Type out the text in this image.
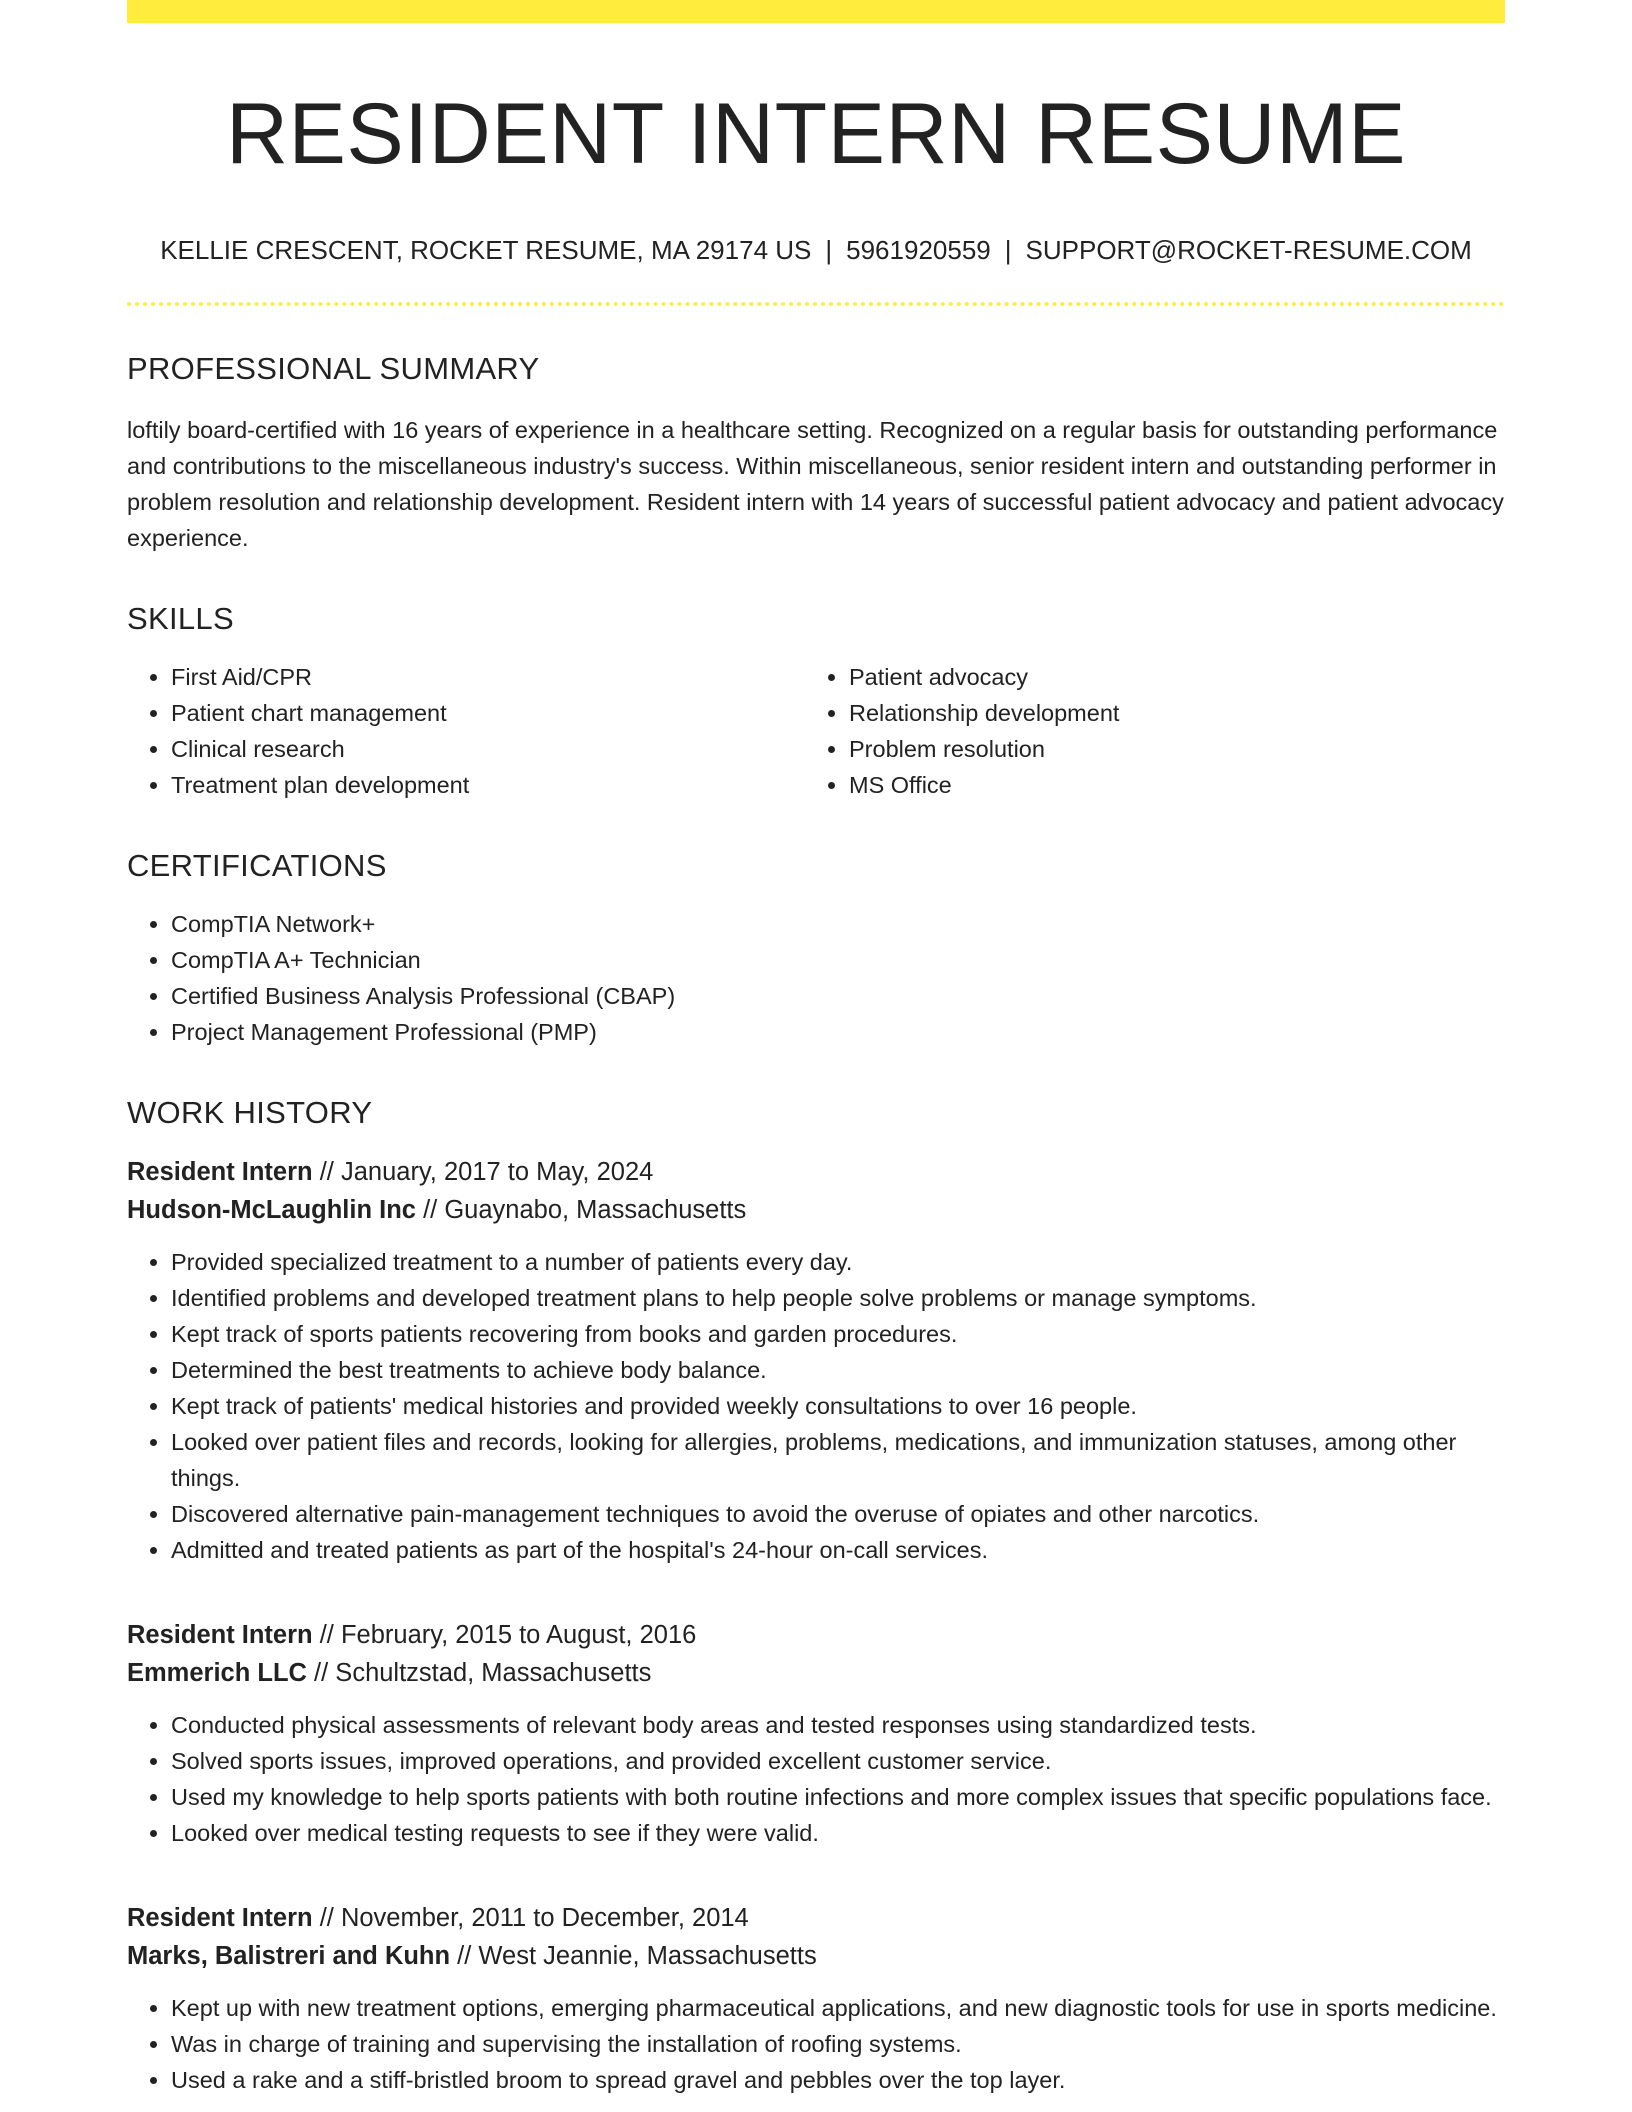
RESIDENT INTERN RESUME
KELLIE CRESCENT, ROCKET RESUME, MA 29174 US | 5961920559 | SUPPORT@ROCKET-RESUME.COM
PROFESSIONAL SUMMARY

loftily board-certified with 16 years of experience in a healthcare setting. Recognized on a regular basis for outstanding performance and contributions to the miscellaneous industry's success. Within miscellaneous, senior resident intern and outstanding performer in problem resolution and relationship development. Resident intern with 14 years of successful patient advocacy and patient advocacy experience.

SKILLS
• First Aid/CPR
• Patient chart management
• Clinical research
• Treatment plan development
• Patient advocacy
• Relationship development
• Problem resolution
• MS Office
CERTIFICATIONS
• CompTIA Network+
• CompTIA A+ Technician
• Certified Business Analysis Professional (CBAP)
• Project Management Professional (PMP)
WORK HISTORY
Resident Intern // January, 2017 to May, 2024
Hudson-McLaughlin Inc // Guaynabo, Massachusetts
• Provided specialized treatment to a number of patients every day.
• Identified problems and developed treatment plans to help people solve problems or manage symptoms.
• Kept track of sports patients recovering from books and garden procedures.
• Determined the best treatments to achieve body balance.
• Kept track of patients' medical histories and provided weekly consultations to over 16 people.
• Looked over patient files and records, looking for allergies, problems, medications, and immunization statuses, among other things.
• Discovered alternative pain-management techniques to avoid the overuse of opiates and other narcotics.
• Admitted and treated patients as part of the hospital's 24-hour on-call services.
Resident Intern // February, 2015 to August, 2016
Emmerich LLC // Schultzstad, Massachusetts
• Conducted physical assessments of relevant body areas and tested responses using standardized tests.
• Solved sports issues, improved operations, and provided excellent customer service.
• Used my knowledge to help sports patients with both routine infections and more complex issues that specific populations face.
• Looked over medical testing requests to see if they were valid.
Resident Intern // November, 2011 to December, 2014
Marks, Balistreri and Kuhn // West Jeannie, Massachusetts
• Kept up with new treatment options, emerging pharmaceutical applications, and new diagnostic tools for use in sports medicine.
• Was in charge of training and supervising the installation of roofing systems.
• Used a rake and a stiff-bristled broom to spread gravel and pebbles over the top layer.
